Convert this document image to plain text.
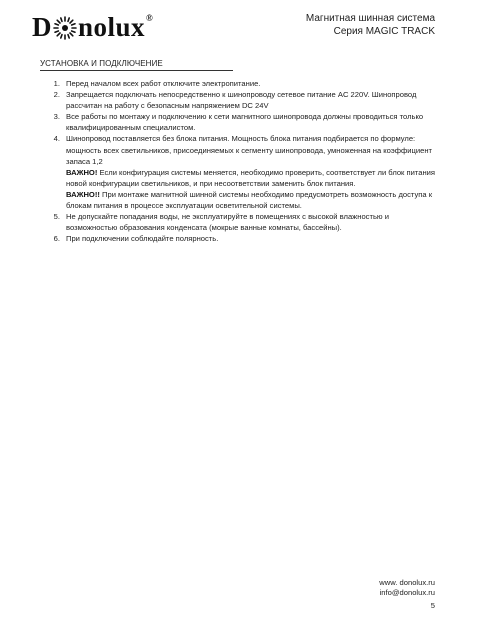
D nolux ®	Магнитная шинная система
Серия MAGIC TRACK
УСТАНОВКА И ПОДКЛЮЧЕНИЕ
1. Перед началом всех работ отключите электропитание.

2. Запрещается подключать непосредственно к шинопроводу сетевое питание AC 220V. Шинопровод рассчитан на работу с безопасным напряжением DC 24V

3. Все работы по монтажу и подключению к сети магнитного шинопровода должны проводиться только квалифицированным специалистом.

4. Шинопровод поставляется без блока питания. Мощность блока питания подбирается по формуле: мощность всех светильников, присоединяемых к сегменту шинопровода, умноженная на коэффициент запаса 1,2

ВАЖНО! Если конфигурация системы меняется, необходимо проверить, соответствует ли блок питания новой конфигурации светильников, и при несоответствии заменить блок питания.

ВАЖНО!! При монтаже магнитной шинной системы необходимо предусмотреть возможность доступа к блокам питания в процессе эксплуатации осветительной системы.

5. Не допускайте попадания воды, не эксплуатируйте в помещениях с высокой влажностью и возможностью образования конденсата (мокрые ванные комнаты, бассейны).

6. При подключении соблюдайте полярность.

www. donolux.ru
info@donolux.ru
5
